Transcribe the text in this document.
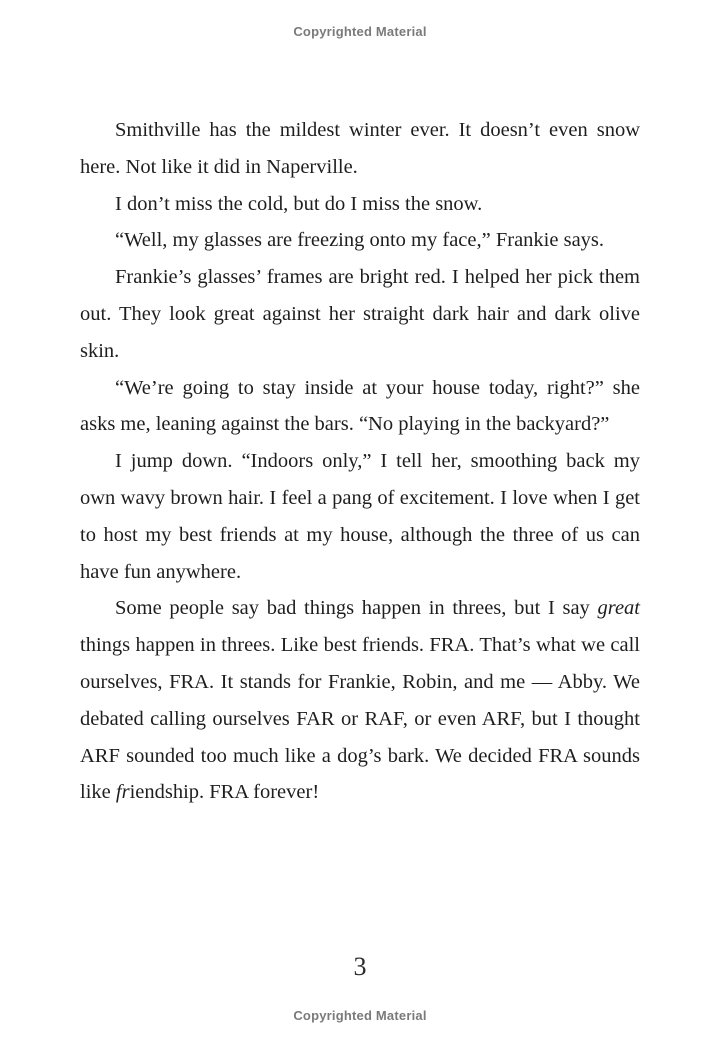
Copyrighted Material

Smithville has the mildest winter ever. It doesn’t even snow here. Not like it did in Naperville.

I don’t miss the cold, but do I miss the snow.

“Well, my glasses are freezing onto my face,” Frankie says.

Frankie’s glasses’ frames are bright red. I helped her pick them out. They look great against her straight dark hair and dark olive skin.

“We’re going to stay inside at your house today, right?” she asks me, leaning against the bars. “No playing in the backyard?”

I jump down. “Indoors only,” I tell her, smoothing back my own wavy brown hair. I feel a pang of excitement. I love when I get to host my best friends at my house, although the three of us can have fun anywhere.

Some people say bad things happen in threes, but I say great things happen in threes. Like best friends. FRA. That’s what we call ourselves, FRA. It stands for Frankie, Robin, and me — Abby. We debated calling ourselves FAR or RAF, or even ARF, but I thought ARF sounded too much like a dog’s bark. We decided FRA sounds like friendship. FRA forever!

3
Copyrighted Material
